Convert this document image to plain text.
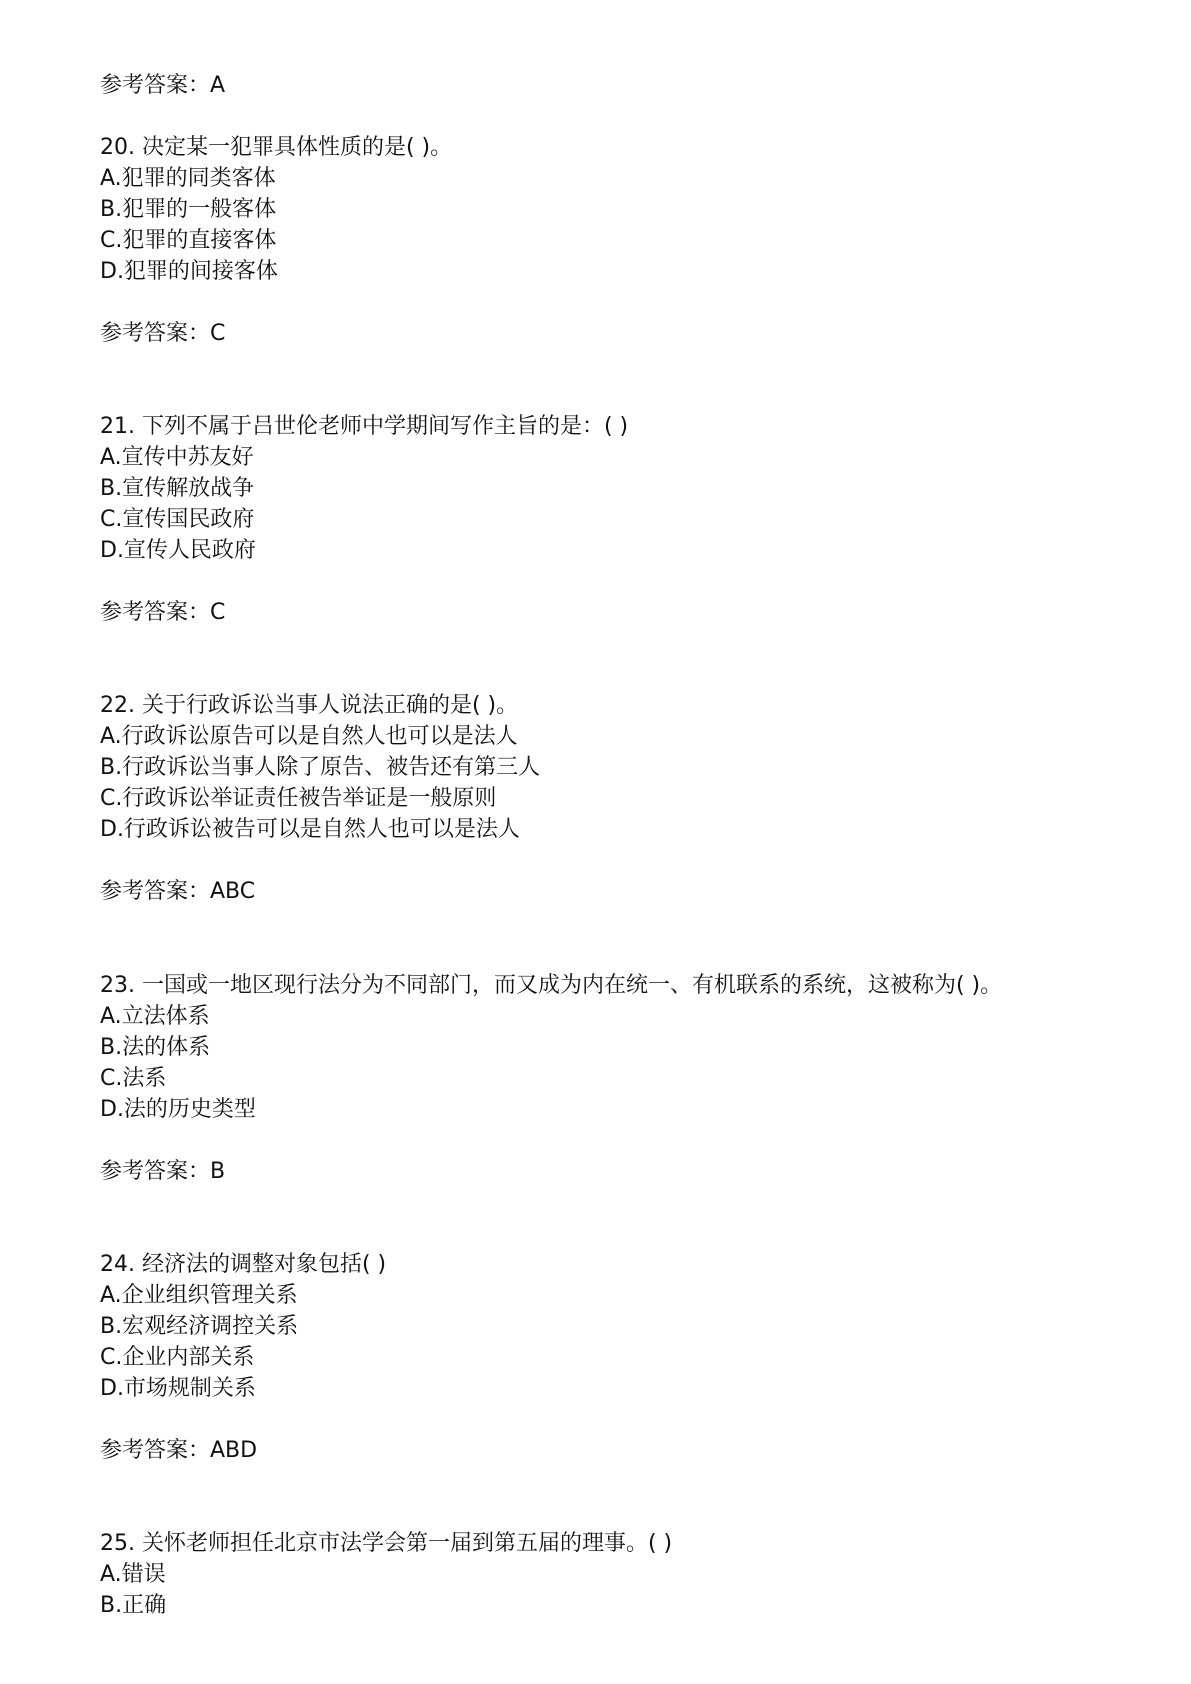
参考答案：A
20. 决定某一犯罪具体性质的是( )。
A.犯罪的同类客体
B.犯罪的一般客体
C.犯罪的直接客体
D.犯罪的间接客体
参考答案：C
21. 下列不属于吕世伦老师中学期间写作主旨的是：( )
A.宣传中苏友好
B.宣传解放战争
C.宣传国民政府
D.宣传人民政府
参考答案：C
22. 关于行政诉讼当事人说法正确的是( )。
A.行政诉讼原告可以是自然人也可以是法人
B.行政诉讼当事人除了原告、被告还有第三人
C.行政诉讼举证责任被告举证是一般原则
D.行政诉讼被告可以是自然人也可以是法人
参考答案：ABC
23. 一国或一地区现行法分为不同部门，而又成为内在统一、有机联系的系统，这被称为( )。
A.立法体系
B.法的体系
C.法系
D.法的历史类型
参考答案：B
24. 经济法的调整对象包括( )
A.企业组织管理关系
B.宏观经济调控关系
C.企业内部关系
D.市场规制关系
参考答案：ABD
25. 关怀老师担任北京市法学会第一届到第五届的理事。( )
A.错误
B.正确
